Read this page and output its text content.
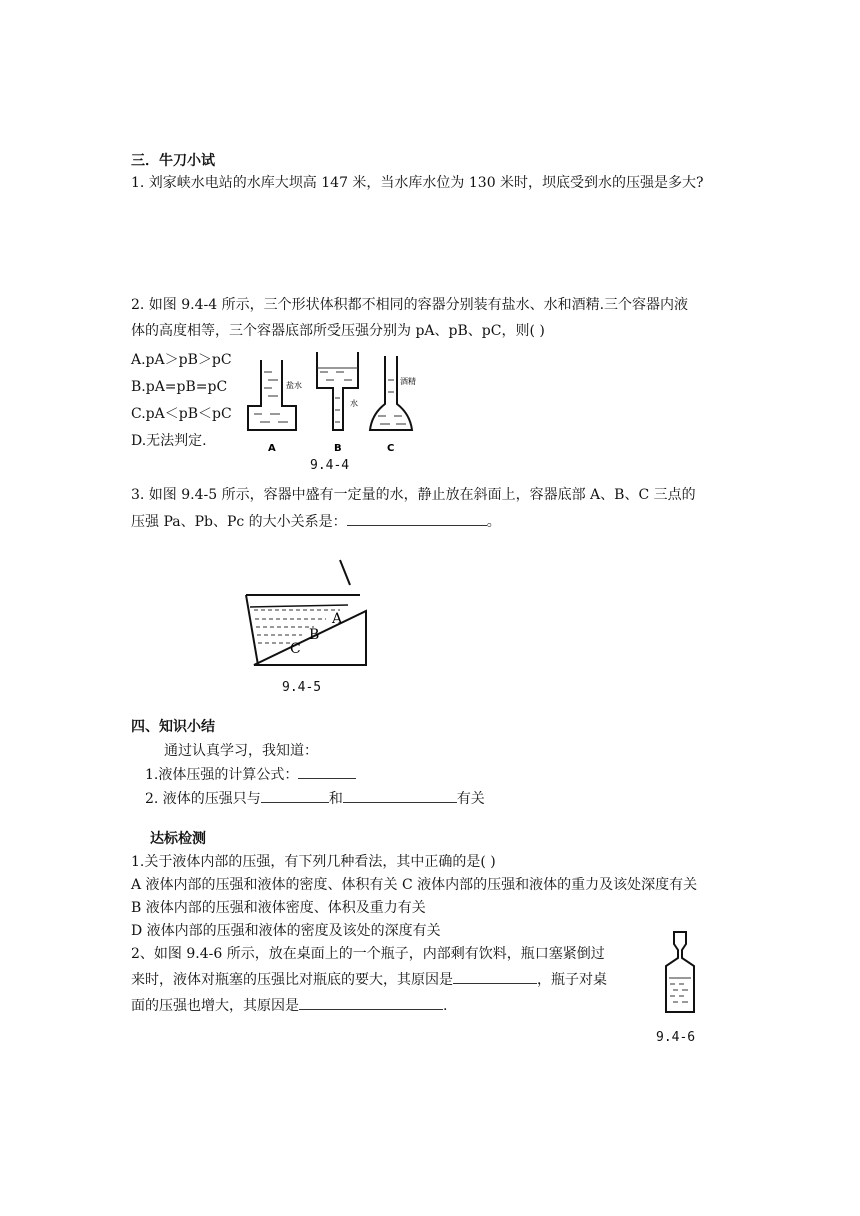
三．牛刀小试
1. 刘家峡水电站的水库大坝高 147 米，当水库水位为 130 米时，坝底受到水的压强是多大?
2. 如图 9.4-4 所示，三个形状体积都不相同的容器分别装有盐水、水和酒精.三个容器内液
体的高度相等，三个容器底部所受压强分别为 pA、pB、pC，则( )
A.pA＞pB＞pC
B.pA=pB=pC
C.pA＜pB＜pC
D.无法判定.
盐水
水
酒精
A	B	C
9.4-4
3. 如图 9.4-5 所示，容器中盛有一定量的水，静止放在斜面上，容器底部 A、B、C 三点的
压强 Pa、Pb、Pc 的大小关系是：	。
A
B
C
9.4-5
四、知识小结
通过认真学习，我知道：
1.液体压强的计算公式：
2. 液体的压强只与	和	有关
达标检测
1.关于液体内部的压强，有下列几种看法，其中正确的是( )
A 液体内部的压强和液体的密度、体积有关 C 液体内部的压强和液体的重力及该处深度有关
B 液体内部的压强和液体密度、体积及重力有关
D 液体内部的压强和液体的密度及该处的深度有关
2、如图 9.4-6 所示，放在桌面上的一个瓶子，内部剩有饮料，瓶口塞紧倒过
来时，液体对瓶塞的压强比对瓶底的要大，其原因是	，瓶子对桌
面的压强也增大，其原因是	.
9.4-6
